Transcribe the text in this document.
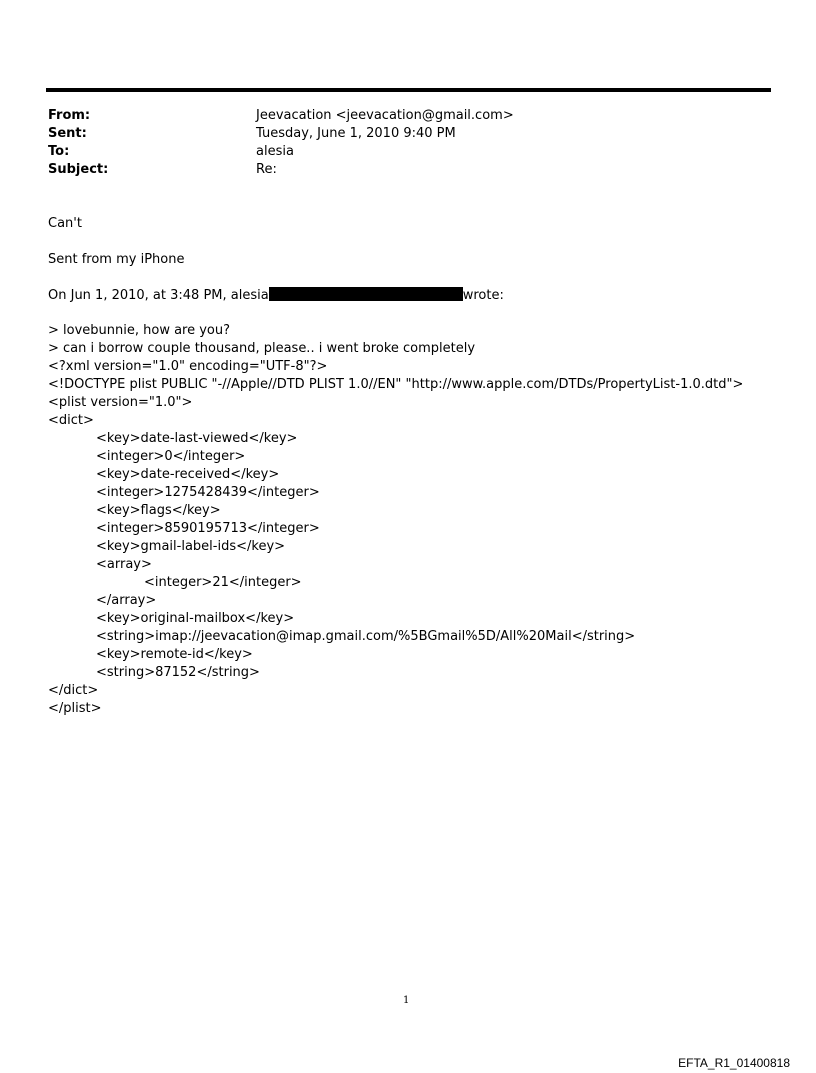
From:	Jeevacation <jeevacation@gmail.com>
Sent:	Tuesday, June 1, 2010 9:40 PM
To:	alesia
Subject:	Re:
Can't
Sent from my iPhone
On Jun 1, 2010, at 3:48 PM, alesia	wrote:
> lovebunnie, how are you?
> can i borrow couple thousand, please.. i went broke completely
<?xml version="1.0" encoding="UTF-8"?>
<!DOCTYPE plist PUBLIC "-//Apple//DTD PLIST 1.0//EN" "http://www.apple.com/DTDs/PropertyList-1.0.dtd">
<plist version="1.0">
<dict>
<key>date-last-viewed</key>
<integer>0</integer>
<key>date-received</key>
<integer>1275428439</integer>
<key>flags</key>
<integer>8590195713</integer>
<key>gmail-label-ids</key>
<array>
<integer>21</integer>
</array>
<key>original-mailbox</key>
<string>imap://jeevacation@imap.gmail.com/%5BGmail%5D/All%20Mail</string>
<key>remote-id</key>
<string>87152</string>
</dict>
</plist>
1
EFTA_R1_01400818
